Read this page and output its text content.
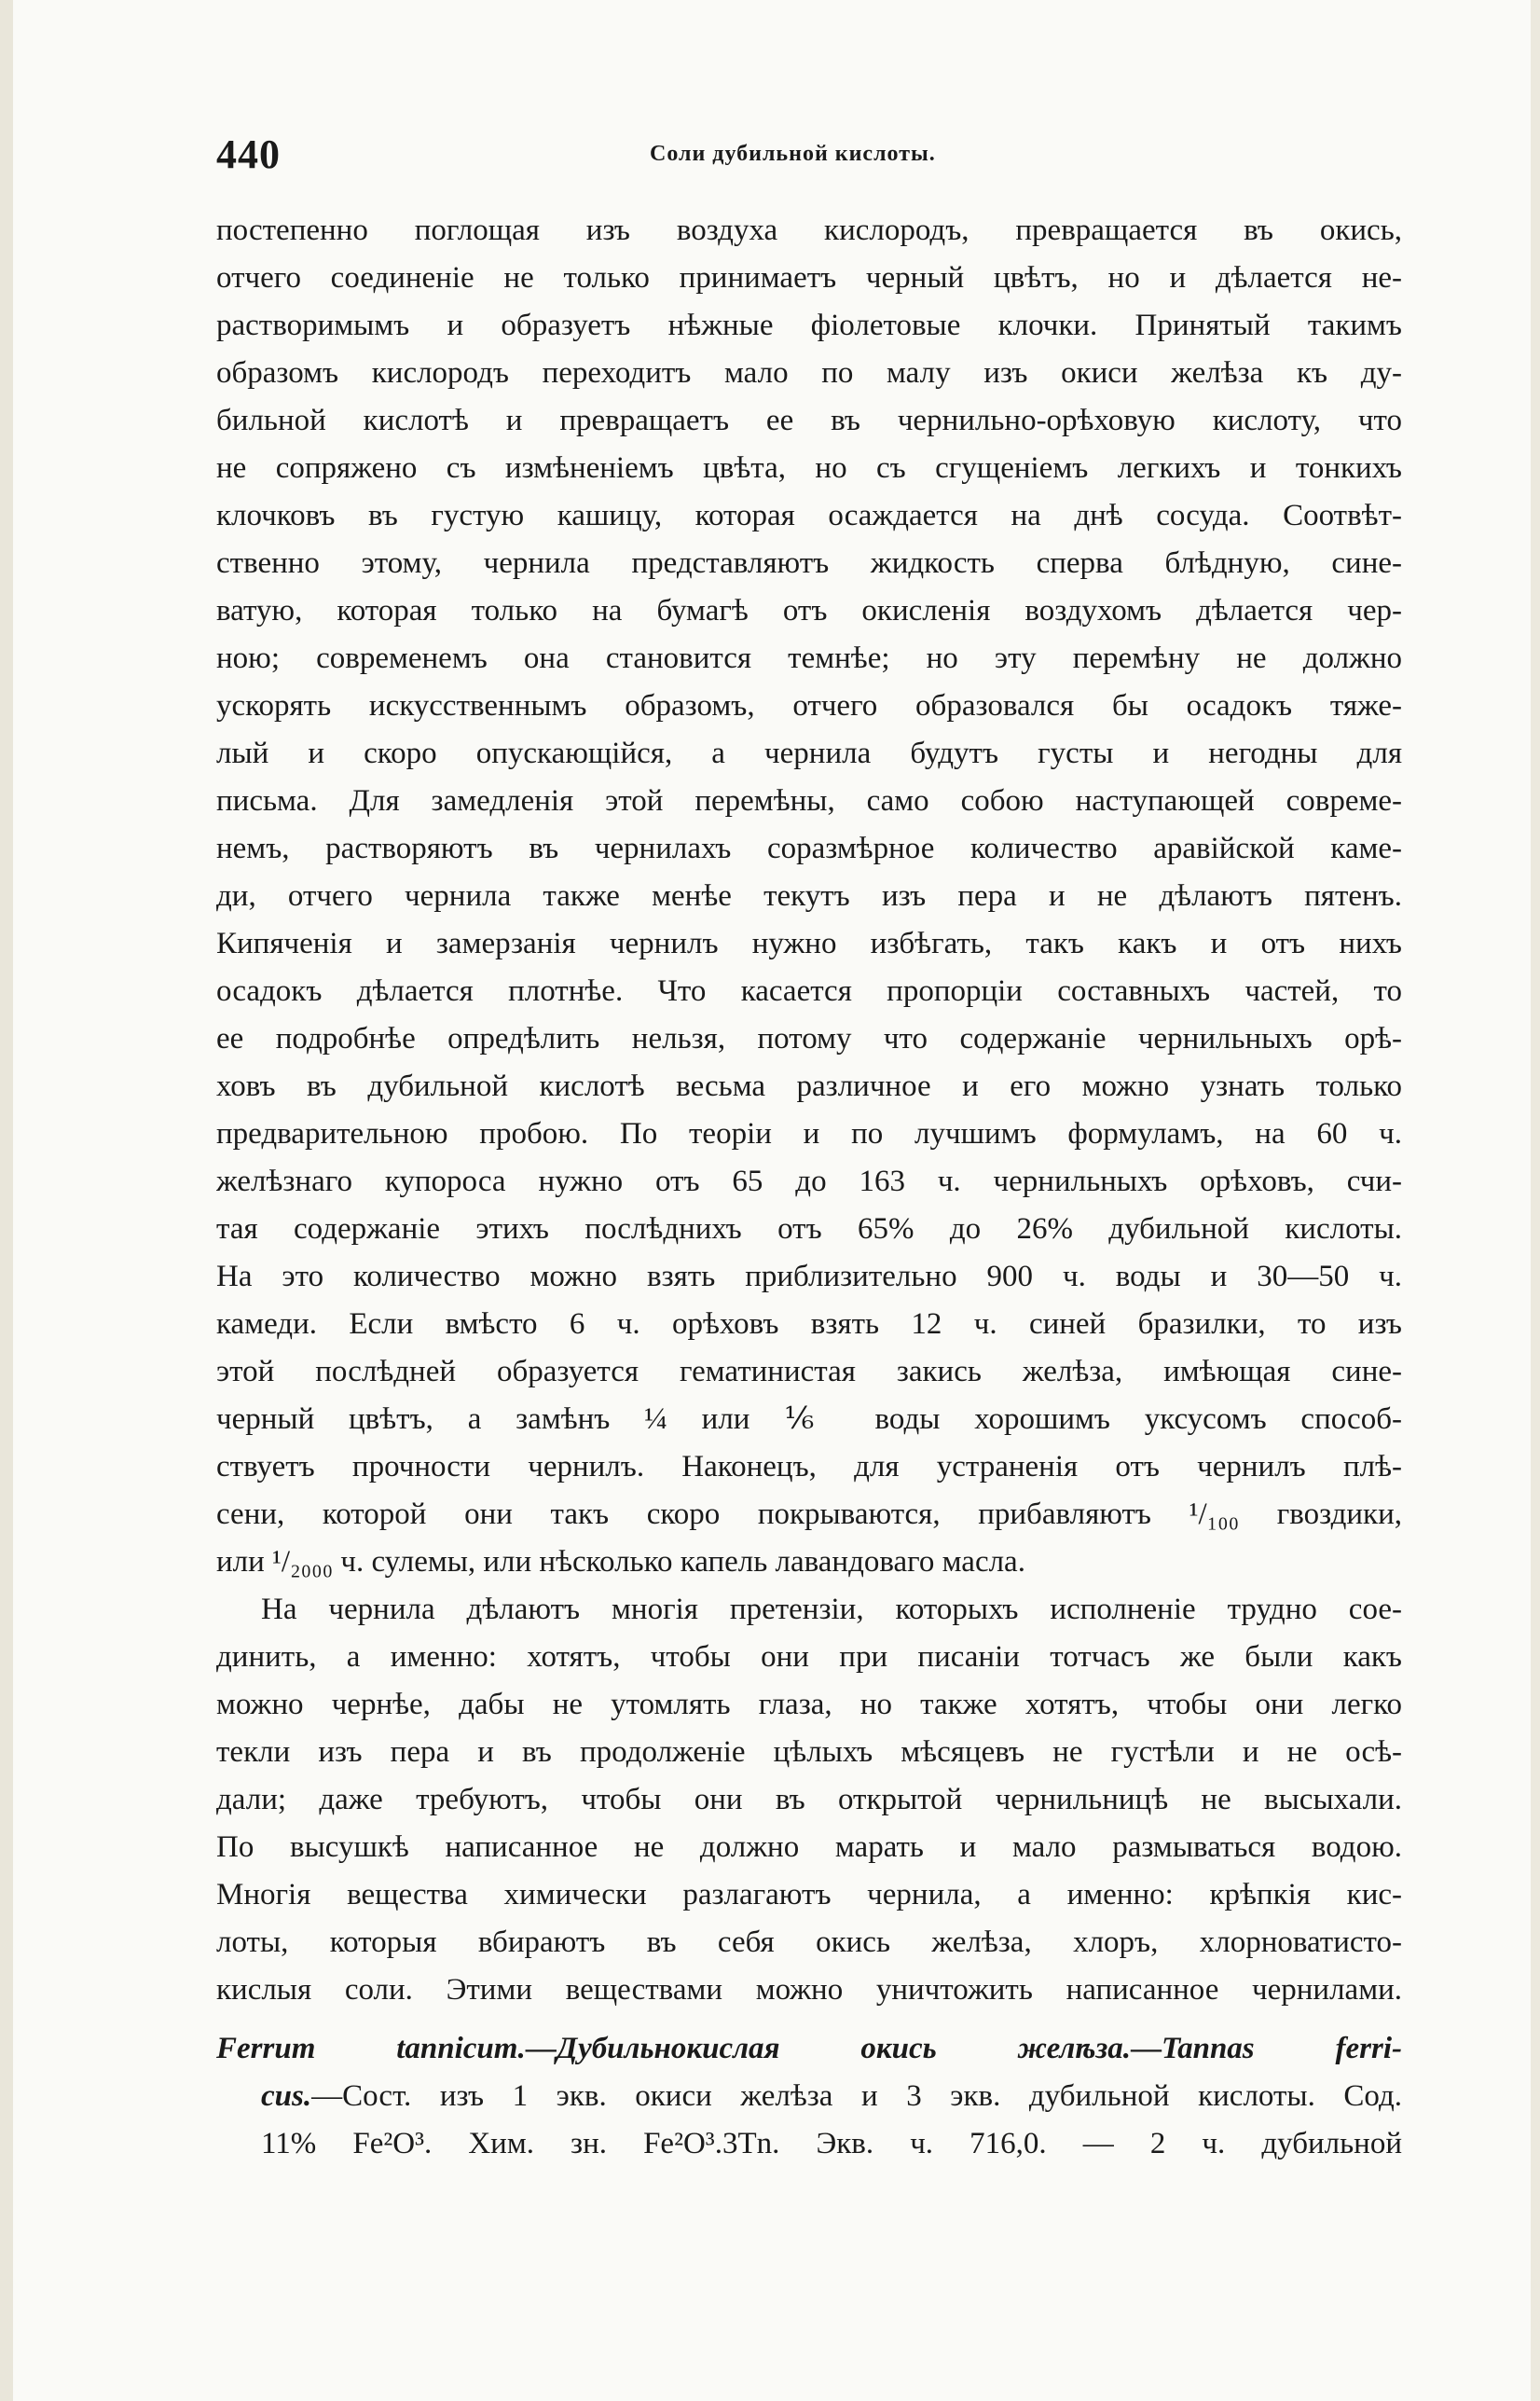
440	Соли дубильной кислоты.
постепенно поглощая изъ воздуха кислородъ, превращается въ окись,
отчего соединенiе не только принимаетъ черный цвѣтъ, но и дѣлается не-
растворимымъ и образуетъ нѣжные фiолетовые клочки. Принятый такимъ
образомъ кислородъ переходитъ мало по малу изъ окиси желѣза къ ду-
бильной кислотѣ и превращаетъ ее въ чернильно-орѣховую кислоту, что
не сопряжено съ измѣненiемъ цвѣта, но съ сгущенiемъ легкихъ и тонкихъ
клочковъ въ густую кашицу, которая осаждается на днѣ сосуда. Соотвѣт-
ственно этому, чернила представляютъ жидкость сперва блѣдную, сине-
ватую, которая только на бумагѣ отъ окисленiя воздухомъ дѣлается чер-
ною; современемъ она становится темнѣе; но эту перемѣну не должно
ускорять искусственнымъ образомъ, отчего образовался бы осадокъ тяже-
лый и скоро опускающiйся, а чернила будутъ густы и негодны для
письма. Для замедленiя этой перемѣны, само собою наступающей совреме-
немъ, растворяютъ въ чернилахъ соразмѣрное количество аравiйской каме-
ди, отчего чернила также менѣе текутъ изъ пера и не дѣлаютъ пятенъ.
Кипяченiя и замерзанiя чернилъ нужно избѣгать, такъ какъ и отъ нихъ
осадокъ дѣлается плотнѣе. Что касается пропорцiи составныхъ частей, то
ее подробнѣе опредѣлить нельзя, потому что содержанiе чернильныхъ орѣ-
ховъ въ дубильной кислотѣ весьма различное и его можно узнать только
предварительною пробою. По теорiи и по лучшимъ формуламъ, на 60 ч.
желѣзнаго купороса нужно отъ 65 до 163 ч. чернильныхъ орѣховъ, счи-
тая содержанiе этихъ послѣднихъ отъ 65% до 26% дубильной кислоты.
На это количество можно взять приблизительно 900 ч. воды и 30—50 ч.
камеди. Если вмѣсто 6 ч. орѣховъ взять 12 ч. синей бразилки, то изъ
этой послѣдней образуется гематинистая закись желѣза, имѣющая сине-
черный цвѣтъ, а замѣнъ ¼ или ⅙ воды хорошимъ уксусомъ способ-
ствуетъ прочности чернилъ. Наконецъ, для устраненiя отъ чернилъ плѣ-
сени, которой они такъ скоро покрываются, прибавляютъ ¹/₁₀₀ гвоздики,
или ¹/₂₀₀₀ ч. сулемы, или нѣсколько капель лавандоваго масла.
На чернила дѣлаютъ многiя претензiи, которыхъ исполненiе трудно сое-
динить, а именно: хотятъ, чтобы они при писанiи тотчасъ же были какъ
можно чернѣе, дабы не утомлять глаза, но также хотятъ, чтобы они легко
текли изъ пера и въ продолженiе цѣлыхъ мѣсяцевъ не густѣли и не осѣ-
дали; даже требуютъ, чтобы они въ открытой чернильницѣ не высыхали.
По высушкѣ написанное не должно марать и мало размываться водою.
Многiя вещества химически разлагаютъ чернила, а именно: крѣпкiя кис-
лоты, которыя вбираютъ въ себя окись желѣза, хлоръ, хлорноватисто-
кислыя соли. Этими веществами можно уничтожить написанное чернилами.
Ferrum tannicum.—Дубильнокислая окись желѣза.—Tannas ferri-
cus.—Сост. изъ 1 экв. окиси желѣза и 3 экв. дубильной кислоты. Сод.
11% Fe²O³. Хим. зн. Fe²O³.3Tn. Экв. ч. 716,0. — 2 ч. дубильной
